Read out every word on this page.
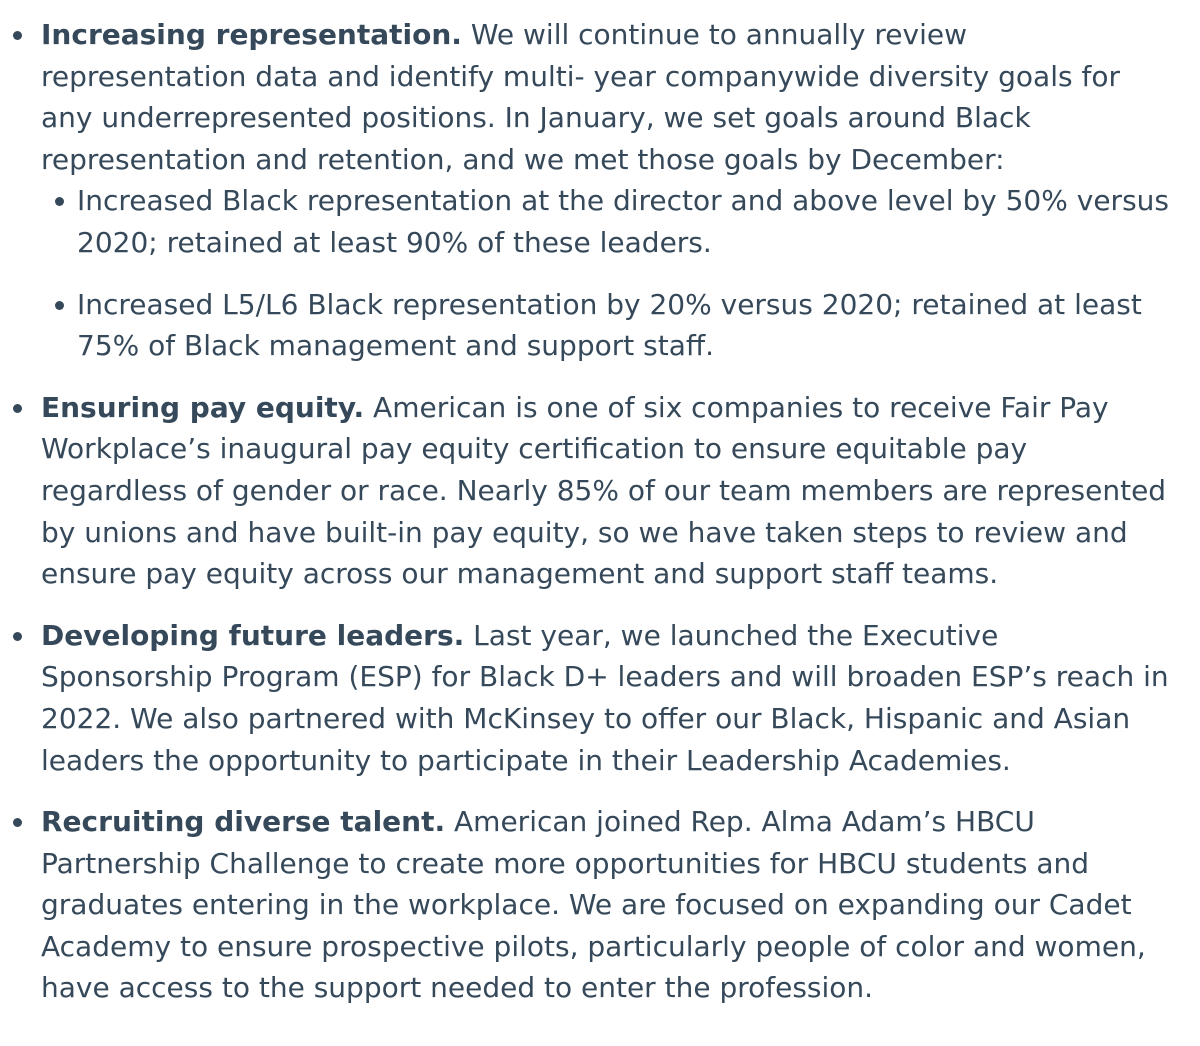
Increasing representation. We will continue to annually review representation data and identify multi- year companywide diversity goals for any underrepresented positions. In January, we set goals around Black representation and retention, and we met those goals by December:
Increased Black representation at the director and above level by 50% versus 2020; retained at least 90% of these leaders.
Increased L5/L6 Black representation by 20% versus 2020; retained at least 75% of Black management and support staff.
Ensuring pay equity. American is one of six companies to receive Fair Pay Workplace’s inaugural pay equity certification to ensure equitable pay regardless of gender or race. Nearly 85% of our team members are represented by unions and have built-in pay equity, so we have taken steps to review and ensure pay equity across our management and support staff teams.
Developing future leaders. Last year, we launched the Executive Sponsorship Program (ESP) for Black D+ leaders and will broaden ESP’s reach in 2022. We also partnered with McKinsey to offer our Black, Hispanic and Asian leaders the opportunity to participate in their Leadership Academies.
Recruiting diverse talent. American joined Rep. Alma Adam’s HBCU Partnership Challenge to create more opportunities for HBCU students and graduates entering in the workplace. We are focused on expanding our Cadet Academy to ensure prospective pilots, particularly people of color and women, have access to the support needed to enter the profession.
